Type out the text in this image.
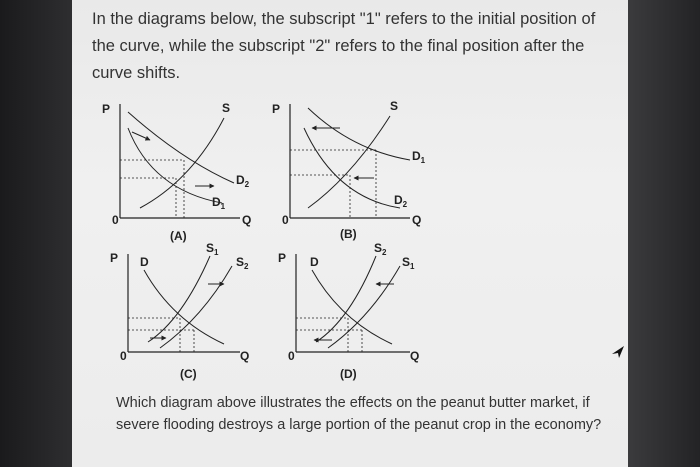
In the diagrams below, the subscript "1" refers to the initial position of the curve, while the subscript "2" refers to the final position after the curve shifts.
P	S
0	Q
(A)
$D_2$
$D_1$
P	S
0	Q
(B)
$D_1$
$D_2$
P D
0	Q
(C)
$S_1$
$S_2$
P D
0	Q
(D)
$S_2$
$S_1$
Which diagram above illustrates the effects on the peanut butter market, if severe flooding destroys a large portion of the peanut crop in the economy?
